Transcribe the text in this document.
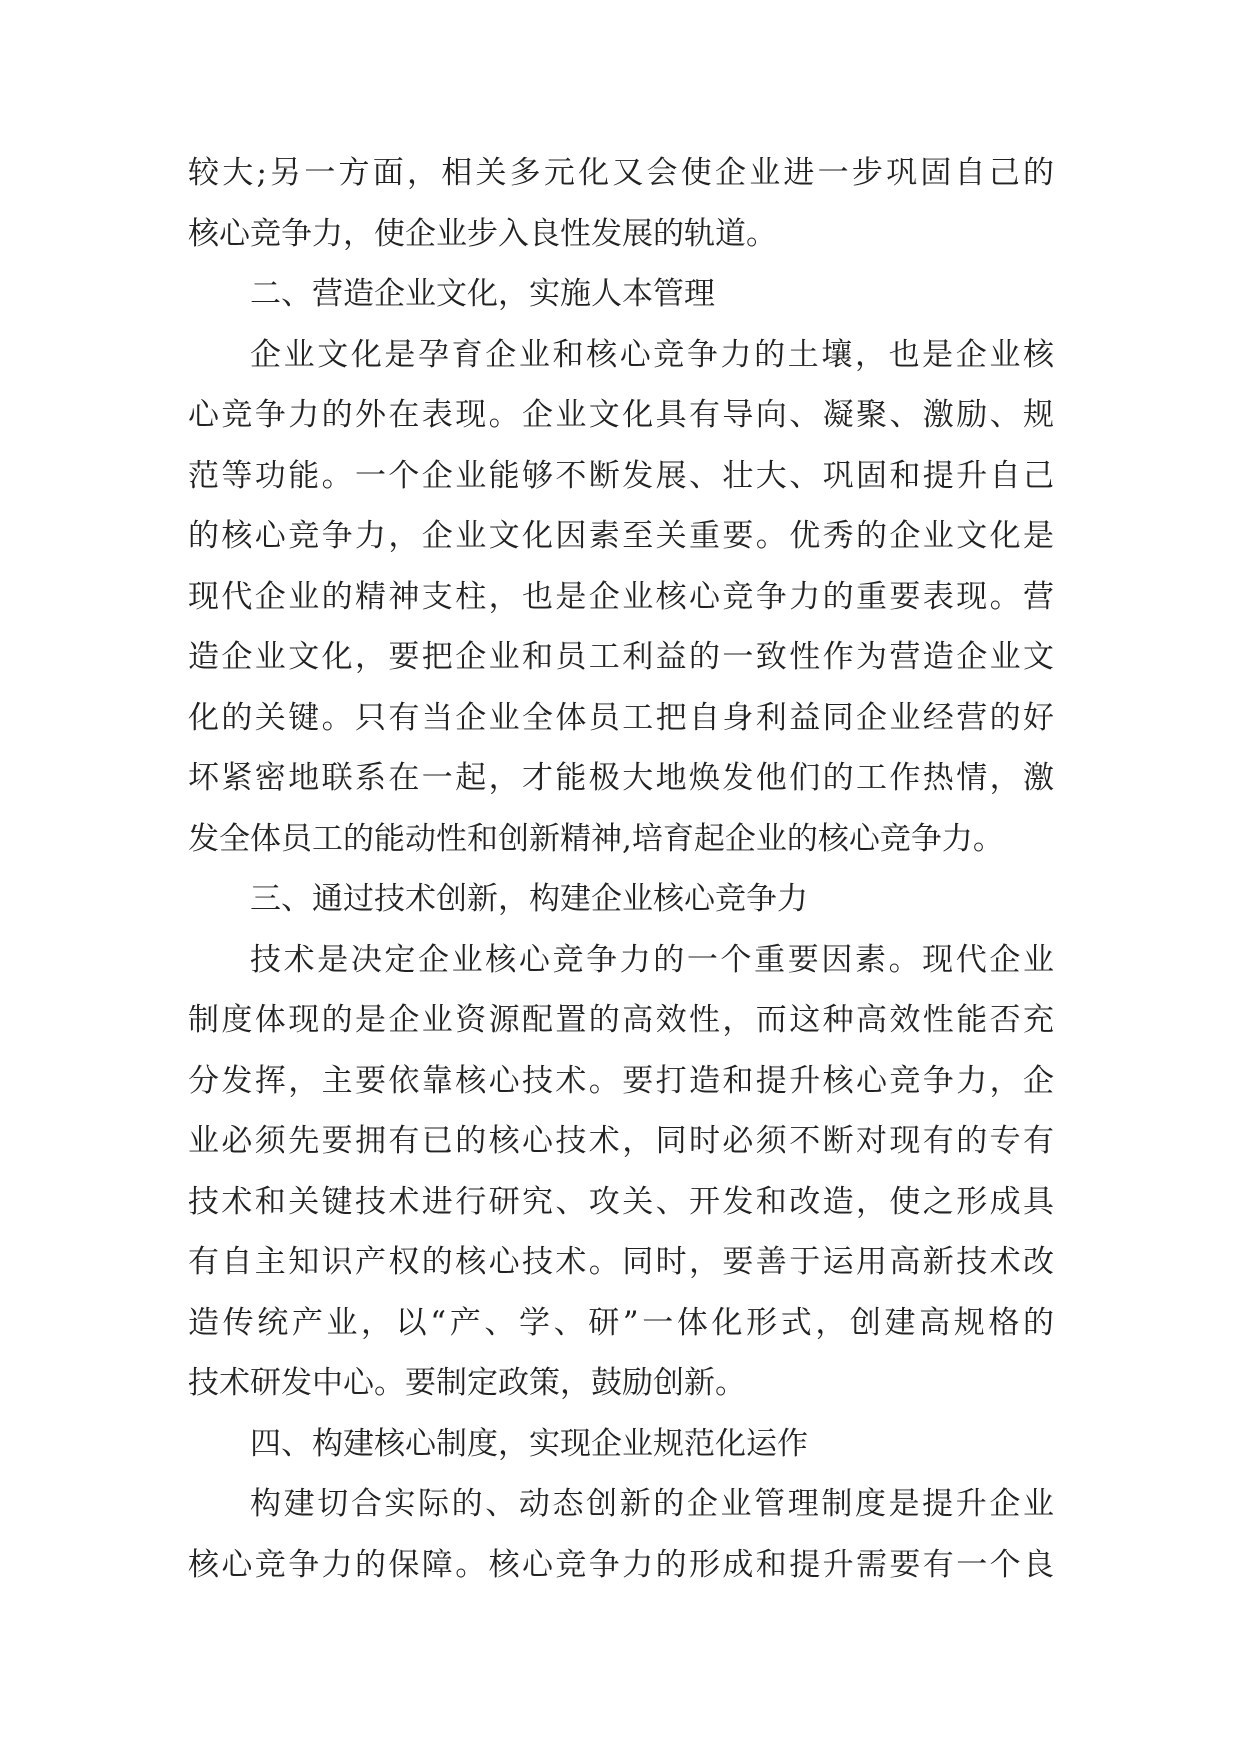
较大;另一方面，相关多元化又会使企业进一步巩固自己的
核心竞争力，使企业步入良性发展的轨道。
二、营造企业文化，实施人本管理
企业文化是孕育企业和核心竞争力的土壤，也是企业核
心竞争力的外在表现。企业文化具有导向、凝聚、激励、规
范等功能。一个企业能够不断发展、壮大、巩固和提升自己
的核心竞争力，企业文化因素至关重要。优秀的企业文化是
现代企业的精神支柱，也是企业核心竞争力的重要表现。营
造企业文化，要把企业和员工利益的一致性作为营造企业文
化的关键。只有当企业全体员工把自身利益同企业经营的好
坏紧密地联系在一起，才能极大地焕发他们的工作热情，激
发全体员工的能动性和创新精神,培育起企业的核心竞争力。
三、通过技术创新，构建企业核心竞争力
技术是决定企业核心竞争力的一个重要因素。现代企业
制度体现的是企业资源配置的高效性，而这种高效性能否充
分发挥，主要依靠核心技术。要打造和提升核心竞争力，企
业必须先要拥有已的核心技术，同时必须不断对现有的专有
技术和关键技术进行研究、攻关、开发和改造，使之形成具
有自主知识产权的核心技术。同时，要善于运用高新技术改
造传统产业，以“产、学、研”一体化形式，创建高规格的
技术研发中心。要制定政策，鼓励创新。
四、构建核心制度，实现企业规范化运作
构建切合实际的、动态创新的企业管理制度是提升企业
核心竞争力的保障。核心竞争力的形成和提升需要有一个良
